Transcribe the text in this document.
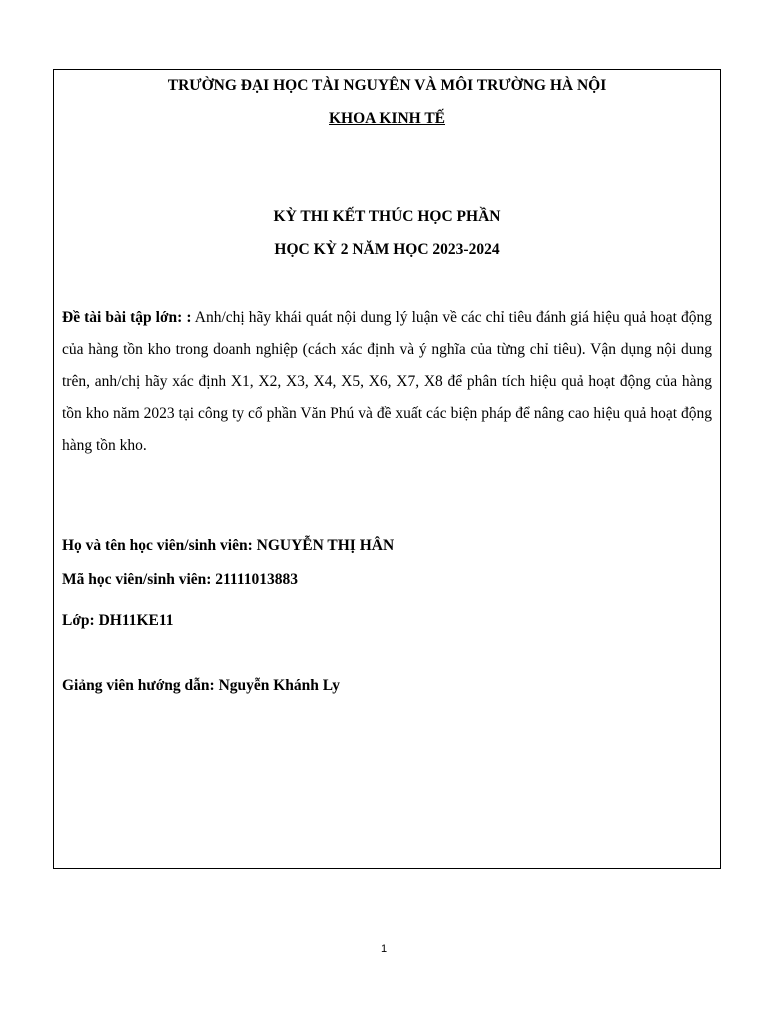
TRƯỜNG ĐẠI HỌC TÀI NGUYÊN VÀ MÔI TRƯỜNG HÀ NỘI
KHOA KINH TẾ
KỲ THI KẾT THÚC HỌC PHẦN
HỌC KỲ 2 NĂM HỌC 2023-2024
Đề tài bài tập lớn: : Anh/chị hãy khái quát nội dung lý luận về các chỉ tiêu đánh giá hiệu quả hoạt động của hàng tồn kho trong doanh nghiệp (cách xác định và ý nghĩa của từng chỉ tiêu). Vận dụng nội dung trên, anh/chị hãy xác định X1, X2, X3, X4, X5, X6, X7, X8 để phân tích hiệu quả hoạt động của hàng tồn kho năm 2023 tại công ty cổ phần Văn Phú và đề xuất các biện pháp để nâng cao hiệu quả hoạt động hàng tồn kho.
Họ và tên học viên/sinh viên: NGUYỄN THỊ HÂN
Mã học viên/sinh viên: 21111013883
Lớp: DH11KE11
Giảng viên hướng dẫn: Nguyễn Khánh Ly
1
